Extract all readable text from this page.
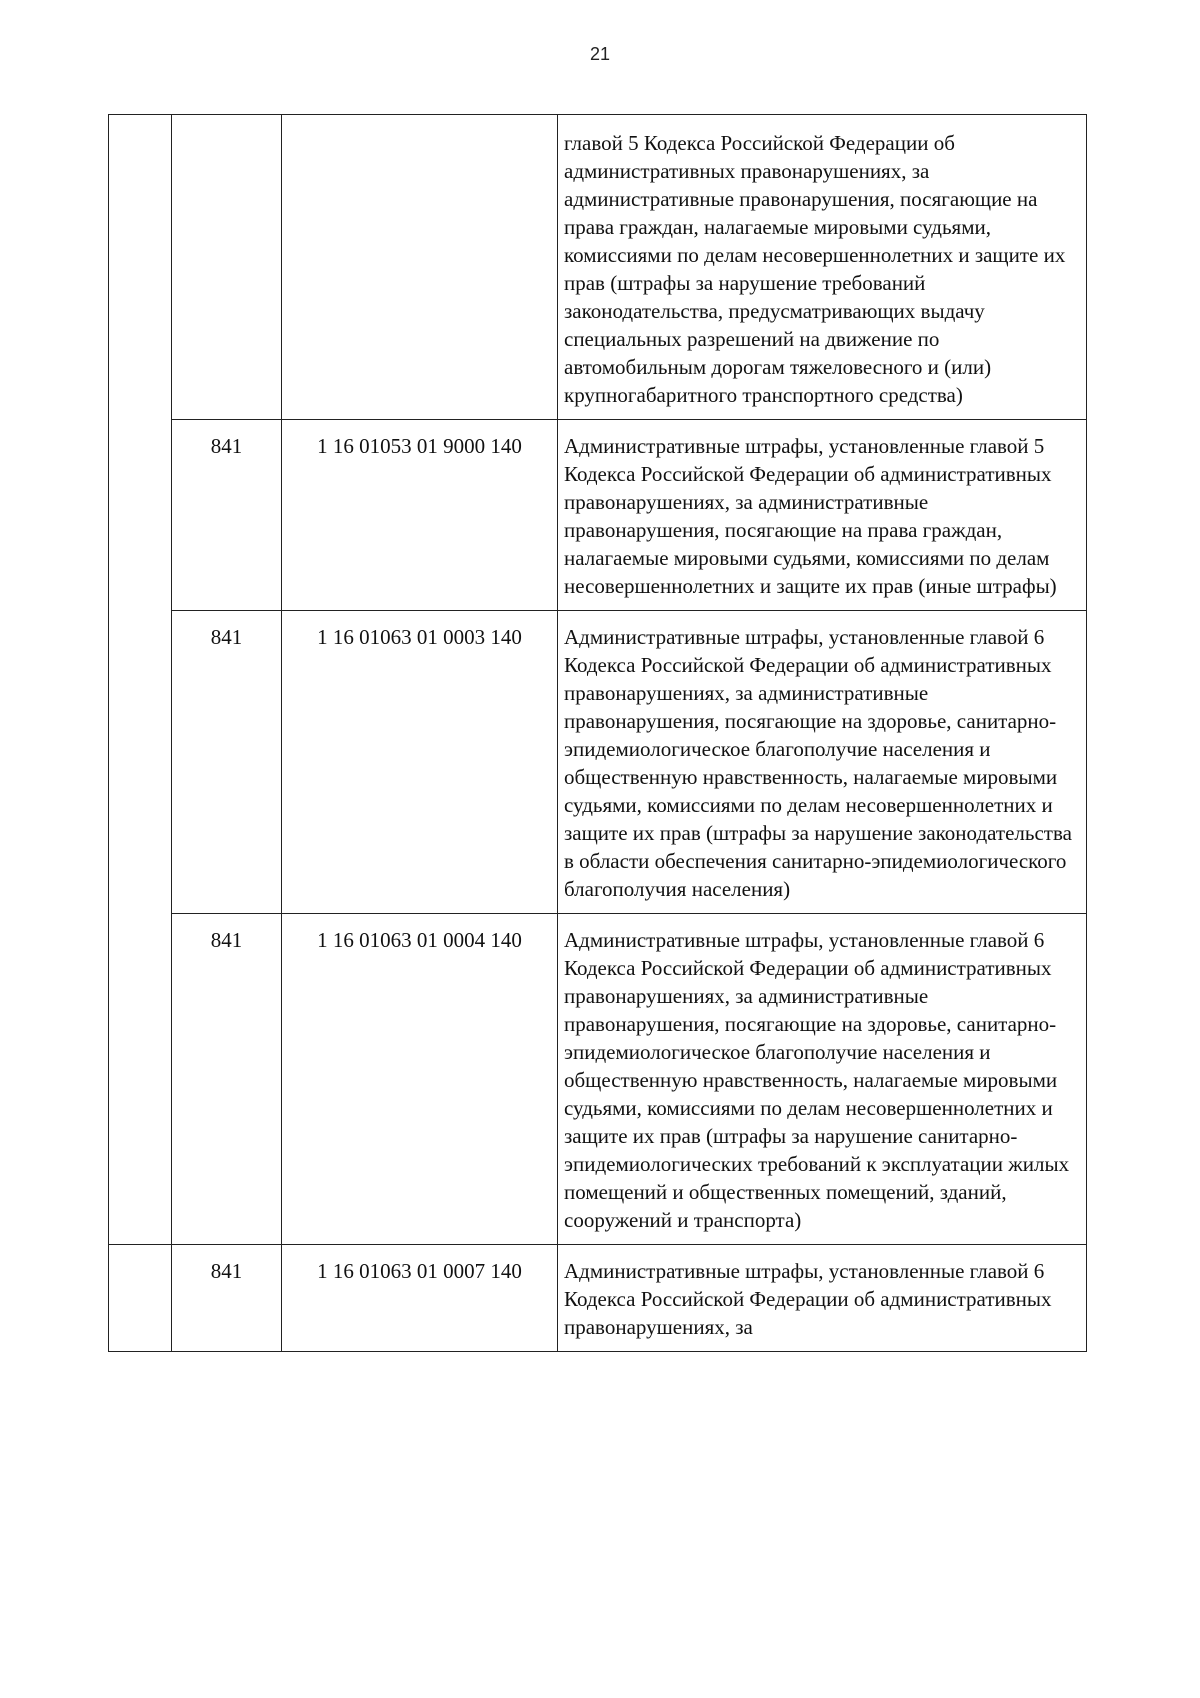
21
			главой 5 Кодекса Российской Федерации об административных правонарушениях, за административные правонарушения, посягающие на права граждан, налагаемые мировыми судьями, комиссиями по делам несовершеннолетних и защите их прав (штрафы за нарушение требований законодательства, предусматривающих выдачу специальных разрешений на движение по автомобильным дорогам тяжеловесного и (или) крупногабаритного транспортного средства)
	841	1 16 01053 01 9000 140	Административные штрафы, установленные главой 5 Кодекса Российской Федерации об административных правонарушениях, за административные правонарушения, посягающие на права граждан, налагаемые мировыми судьями, комиссиями по делам несовершеннолетних и защите их прав (иные штрафы)
	841	1 16 01063 01 0003 140	Административные штрафы, установленные главой 6 Кодекса Российской Федерации об административных правонарушениях, за административные правонарушения, посягающие на здоровье, санитарно-эпидемиологическое благополучие населения и общественную нравственность, налагаемые мировыми судьями, комиссиями по делам несовершеннолетних и защите их прав (штрафы за нарушение законодательства в области обеспечения санитарно-эпидемиологического благополучия населения)
	841	1 16 01063 01 0004 140	Административные штрафы, установленные главой 6 Кодекса Российской Федерации об административных правонарушениях, за административные правонарушения, посягающие на здоровье, санитарно-эпидемиологическое благополучие населения и общественную нравственность, налагаемые мировыми судьями, комиссиями по делам несовершеннолетних и защите их прав (штрафы за нарушение санитарно-эпидемиологических требований к эксплуатации жилых помещений и общественных помещений, зданий, сооружений и транспорта)
	841	1 16 01063 01 0007 140	Административные штрафы, установленные главой 6 Кодекса Российской Федерации об административных правонарушениях, за
